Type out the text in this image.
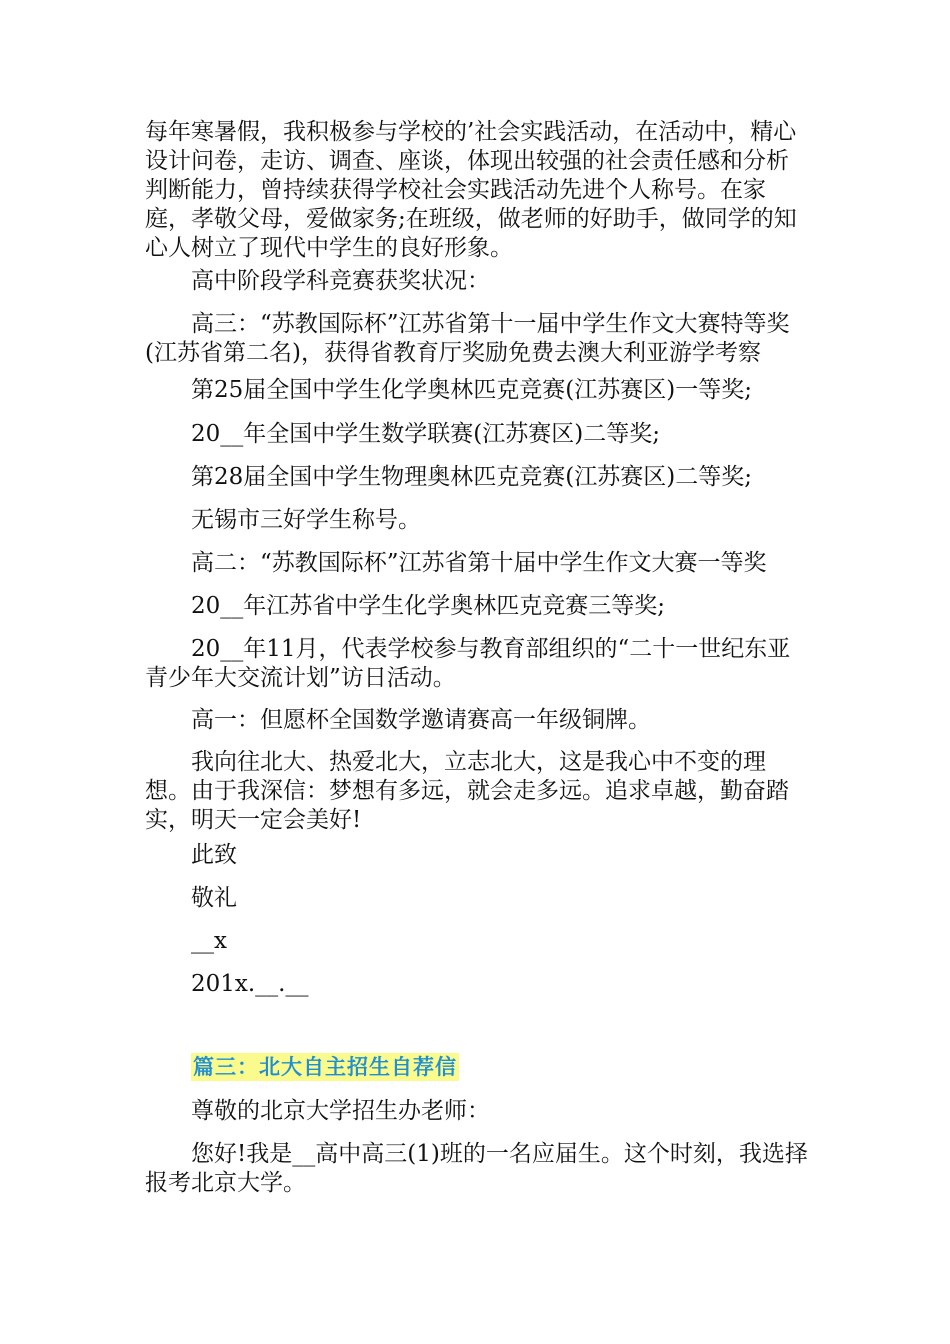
每年寒暑假，我积极参与学校的’社会实践活动，在活动中，精心设计问卷，走访、调查、座谈，体现出较强的社会责任感和分析判断能力，曾持续获得学校社会实践活动先进个人称号。在家庭，孝敬父母，爱做家务;在班级，做老师的好助手，做同学的知心人树立了现代中学生的良好形象。

高中阶段学科竞赛获奖状况：

高三：“苏教国际杯”江苏省第十一届中学生作文大赛特等奖(江苏省第二名)，获得省教育厅奖励免费去澳大利亚游学考察

第25届全国中学生化学奥林匹克竞赛(江苏赛区)一等奖;

20__年全国中学生数学联赛(江苏赛区)二等奖;

第28届全国中学生物理奥林匹克竞赛(江苏赛区)二等奖;

无锡市三好学生称号。

高二：“苏教国际杯”江苏省第十届中学生作文大赛一等奖

20__年江苏省中学生化学奥林匹克竞赛三等奖;

20__年11月，代表学校参与教育部组织的“二十一世纪东亚青少年大交流计划”访日活动。

高一：但愿杯全国数学邀请赛高一年级铜牌。

我向往北大、热爱北大，立志北大，这是我心中不变的理想。由于我深信：梦想有多远，就会走多远。追求卓越，勤奋踏实，明天一定会美好!

此致

敬礼

__x

201x.__.__

篇三：北大自主招生自荐信

尊敬的北京大学招生办老师：

您好!我是__高中高三(1)班的一名应届生。这个时刻，我选择报考北京大学。
